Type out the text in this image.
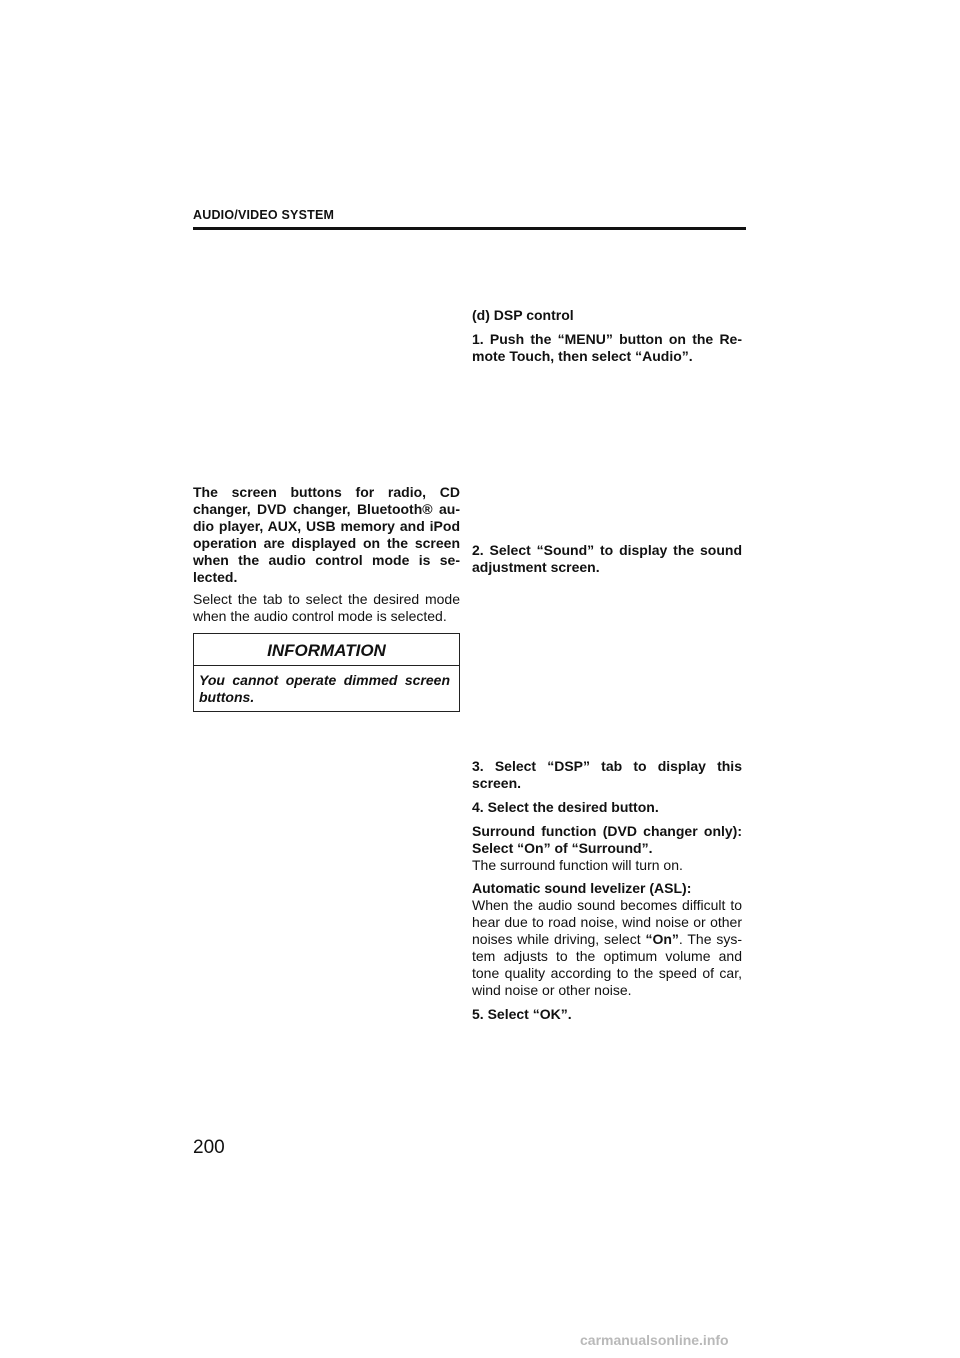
AUDIO/VIDEO SYSTEM

The screen buttons for radio, CD changer, DVD changer, Bluetooth® au- dio player, AUX, USB memory and iPod operation are displayed on the screen when the audio control mode is se- lected.

Select the tab to select the desired mode when the audio control mode is selected.

INFORMATION
You cannot operate dimmed screen buttons.

(d) DSP control

1. Push the “MENU” button on the Re- mote Touch, then select “Audio”.

2. Select “Sound” to display the sound adjustment screen.

3. Select “DSP” tab to display this screen.

4. Select the desired button.

Surround function (DVD changer only): Select “On” of “Surround”.

The surround function will turn on.

Automatic sound levelizer (ASL):

When the audio sound becomes difficult to hear due to road noise, wind noise or other noises while driving, select “On”. The sys- tem adjusts to the optimum volume and tone quality according to the speed of car, wind noise or other noise.

5. Select “OK”.

200
carmanualsonline.info
